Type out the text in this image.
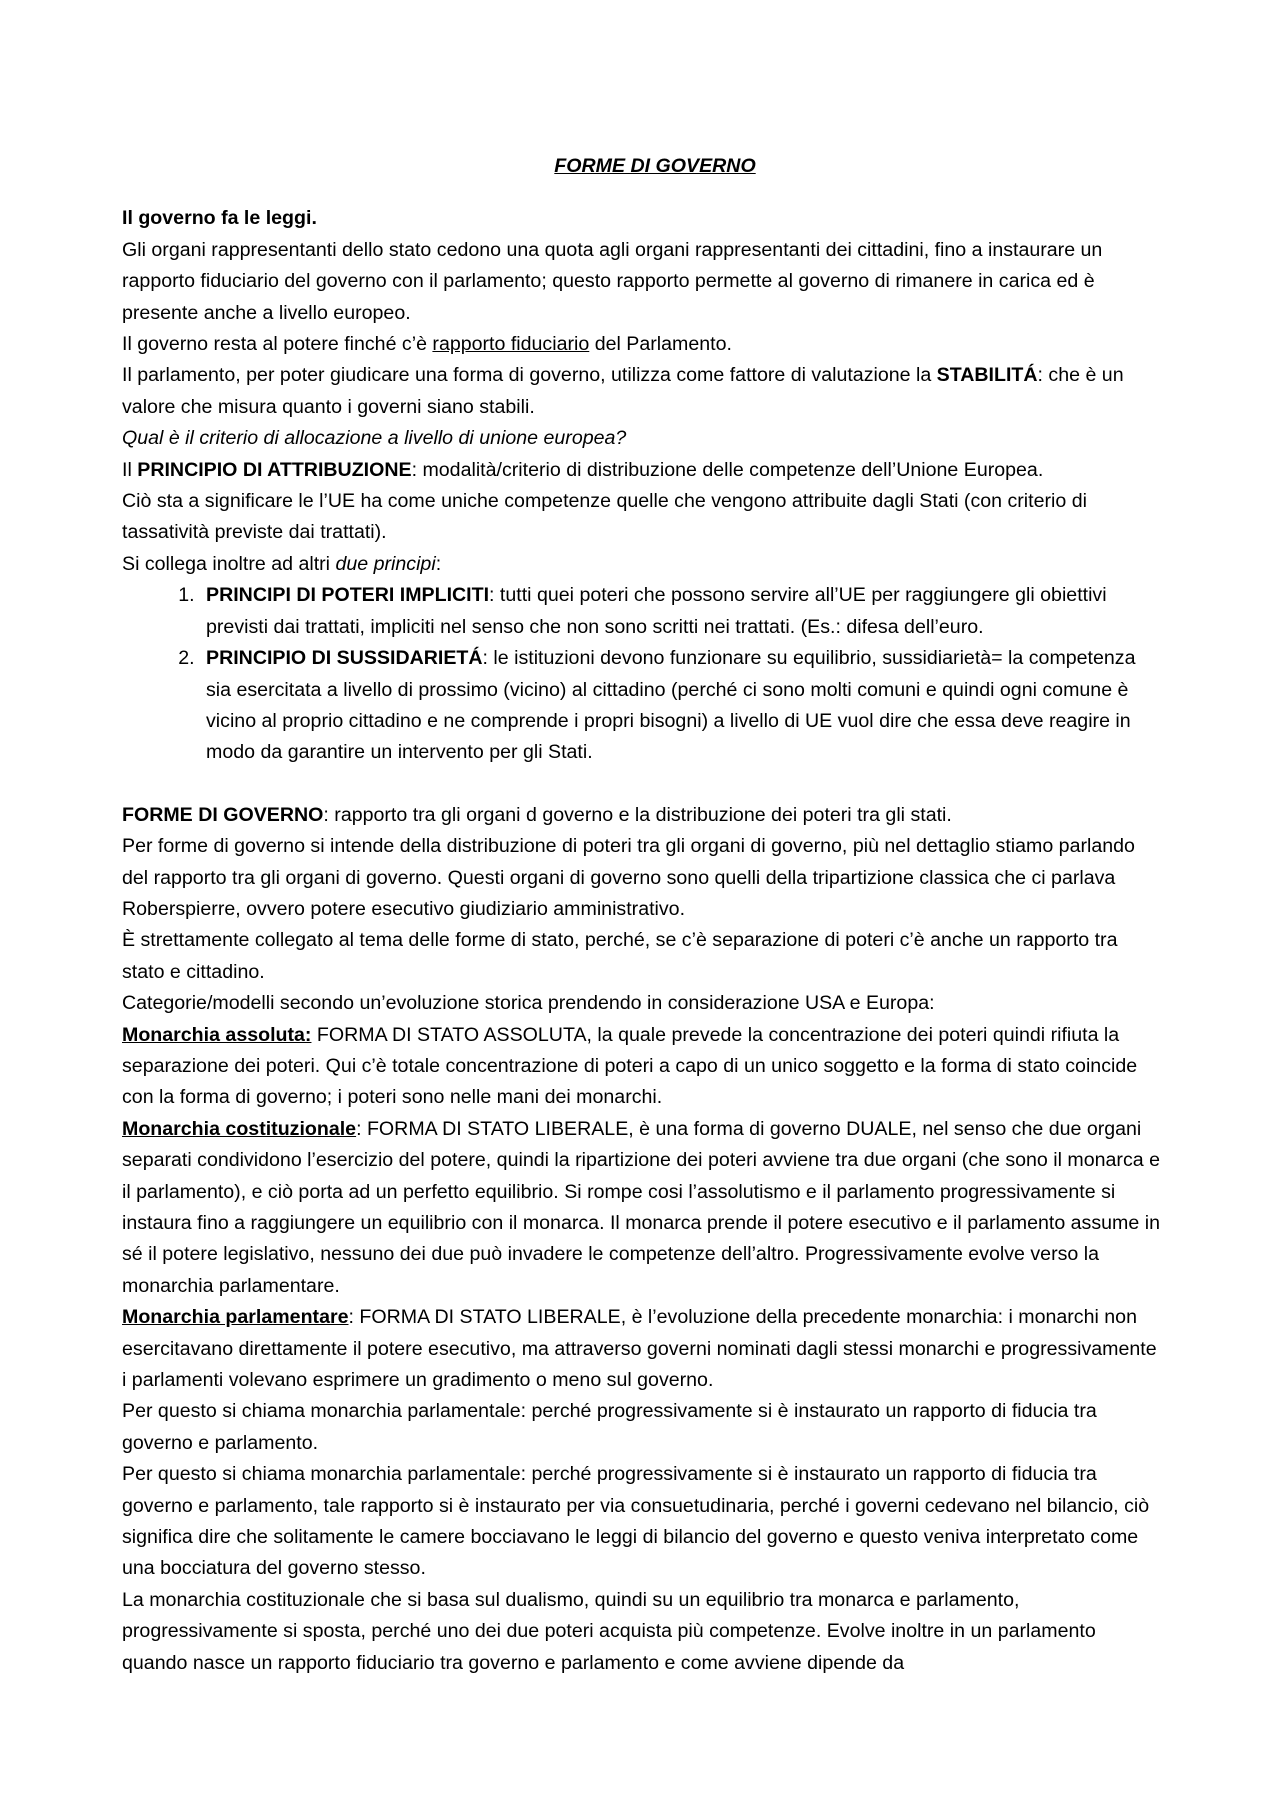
FORME DI GOVERNO

Il governo fa le leggi.

Gli organi rappresentanti dello stato cedono una quota agli organi rappresentanti dei cittadini, fino a instaurare un rapporto fiduciario del governo con il parlamento; questo rapporto permette al governo di rimanere in carica ed è presente anche a livello europeo.

Il governo resta al potere finché c’è rapporto fiduciario del Parlamento.

Il parlamento, per poter giudicare una forma di governo, utilizza come fattore di valutazione la STABILITÁ: che è un valore che misura quanto i governi siano stabili.

Qual è il criterio di allocazione a livello di unione europea?

Il PRINCIPIO DI ATTRIBUZIONE: modalità/criterio di distribuzione delle competenze dell’Unione Europea.

Ciò sta a significare le l’UE ha come uniche competenze quelle che vengono attribuite dagli Stati (con criterio di tassatività previste dai trattati).

Si collega inoltre ad altri due principi:

1. PRINCIPI DI POTERI IMPLICITI: tutti quei poteri che possono servire all’UE per raggiungere gli obiettivi previsti dai trattati, impliciti nel senso che non sono scritti nei trattati. (Es.: difesa dell’euro.
2. PRINCIPIO DI SUSSIDARIETÁ: le istituzioni devono funzionare su equilibrio, sussidiarietà= la competenza sia esercitata a livello di prossimo (vicino) al cittadino (perché ci sono molti comuni e quindi ogni comune è vicino al proprio cittadino e ne comprende i propri bisogni) a livello di UE vuol dire che essa deve reagire in modo da garantire un intervento per gli Stati.

FORME DI GOVERNO: rapporto tra gli organi d governo e la distribuzione dei poteri tra gli stati.

Per forme di governo si intende della distribuzione di poteri tra gli organi di governo, più nel dettaglio stiamo parlando del rapporto tra gli organi di governo. Questi organi di governo sono quelli della tripartizione classica che ci parlava Roberspierre, ovvero potere esecutivo giudiziario amministrativo.

È strettamente collegato al tema delle forme di stato, perché, se c’è separazione di poteri c’è anche un rapporto tra stato e cittadino.

Categorie/modelli secondo un’evoluzione storica prendendo in considerazione USA e Europa:

Monarchia assoluta: FORMA DI STATO ASSOLUTA, la quale prevede la concentrazione dei poteri quindi rifiuta la separazione dei poteri. Qui c’è totale concentrazione di poteri a capo di un unico soggetto e la forma di stato coincide con la forma di governo; i poteri sono nelle mani dei monarchi.

Monarchia costituzionale: FORMA DI STATO LIBERALE, è una forma di governo DUALE, nel senso che due organi separati condividono l’esercizio del potere, quindi la ripartizione dei poteri avviene tra due organi (che sono il monarca e il parlamento), e ciò porta ad un perfetto equilibrio. Si rompe cosi l’assolutismo e il parlamento progressivamente si instaura fino a raggiungere un equilibrio con il monarca. Il monarca prende il potere esecutivo e il parlamento assume in sé il potere legislativo, nessuno dei due può invadere le competenze dell’altro. Progressivamente evolve verso la monarchia parlamentare.

Monarchia parlamentare: FORMA DI STATO LIBERALE, è l’evoluzione della precedente monarchia: i monarchi non esercitavano direttamente il potere esecutivo, ma attraverso governi nominati dagli stessi monarchi e progressivamente i parlamenti volevano esprimere un gradimento o meno sul governo.

Per questo si chiama monarchia parlamentale: perché progressivamente si è instaurato un rapporto di fiducia tra governo e parlamento.

Per questo si chiama monarchia parlamentale: perché progressivamente si è instaurato un rapporto di fiducia tra governo e parlamento, tale rapporto si è instaurato per via consuetudinaria, perché i governi cedevano nel bilancio, ciò significa dire che solitamente le camere bocciavano le leggi di bilancio del governo e questo veniva interpretato come una bocciatura del governo stesso.

La monarchia costituzionale che si basa sul dualismo, quindi su un equilibrio tra monarca e parlamento, progressivamente si sposta, perché uno dei due poteri acquista più competenze. Evolve inoltre in un parlamento quando nasce un rapporto fiduciario tra governo e parlamento e come avviene dipende da
